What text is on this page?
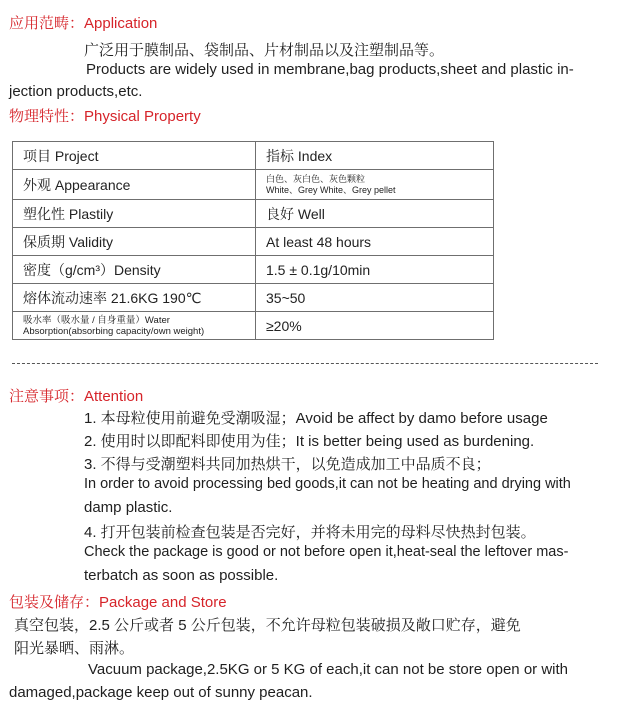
应用范畴：Application
广泛用于膜制品、袋制品、片材制品以及注塑制品等。
Products are widely used in membrane,bag products,sheet and plastic in-
jection products,etc.
物理特性：Physical Property
项目 Project	指标 Index
外观 Appearance	白色、灰白色、灰色颗粒
White、Grey White、Grey pellet

塑化性 Plastily	良好 Well
保质期 Validity	At least 48 hours
密度（g/cm³）Density	1.5 ± 0.1g/10min
熔体流动速率 21.6KG 190℃	35~50

吸水率（吸水量 / 自身重量）Water
Absorption(absorbing capacity/own weight)	≥20%
注意事项：Attention
1. 本母粒使用前避免受潮吸湿；Avoid be affect by damo before usage
2. 使用时以即配料即使用为佳；It is better being used as burdening.
3. 不得与受潮塑料共同加热烘干，以免造成加工中品质不良；
In order to avoid processing bed goods,it can not be heating and drying with
damp plastic.
4. 打开包装前检查包装是否完好，并将未用完的母料尽快热封包装。
Check the package is good or not before open it,heat-seal the leftover mas-
terbatch as soon as possible.
包装及储存：Package and Store
真空包装，2.5 公斤或者 5 公斤包装，不允许母粒包装破损及敞口贮存，避免
阳光暴晒、雨淋。
Vacuum package,2.5KG or 5 KG of each,it can not be store open or with
damaged,package keep out of sunny peacan.
